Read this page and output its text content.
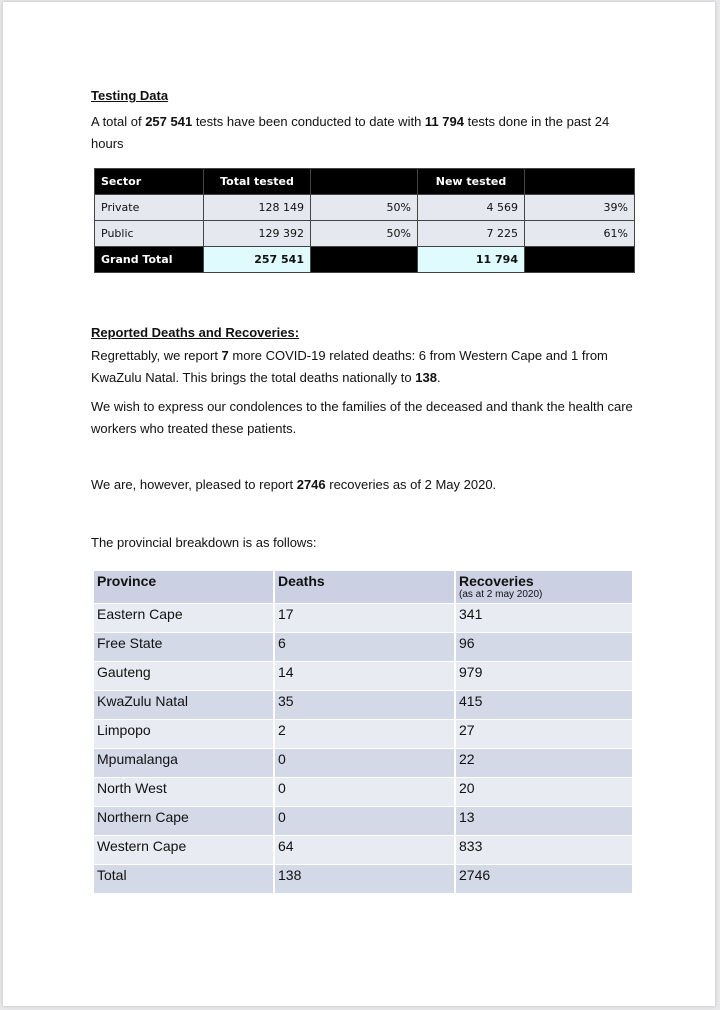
Testing Data

A total of 257 541 tests have been conducted to date with 11 794 tests done in the past 24 hours

Sector	Total tested		New tested	
Private	128 149	50%	4 569	39%
Public	129 392	50%	7 225	61%
Grand Total	257 541		11 794	

Reported Deaths and Recoveries:

Regrettably, we report 7 more COVID-19 related deaths: 6 from Western Cape and 1 from KwaZulu Natal. This brings the total deaths nationally to 138.

We wish to express our condolences to the families of the deceased and thank the health care workers who treated these patients.

We are, however, pleased to report 2746 recoveries as of 2 May 2020.

The provincial breakdown is as follows:

Province	Deaths	Recoveries
(as at 2 may 2020)

Eastern Cape	17	341
Free State	6	96
Gauteng	14	979
KwaZulu Natal	35	415
Limpopo	2	27
Mpumalanga	0	22
North West	0	20
Northern Cape	0	13
Western Cape	64	833
Total	138	2746
